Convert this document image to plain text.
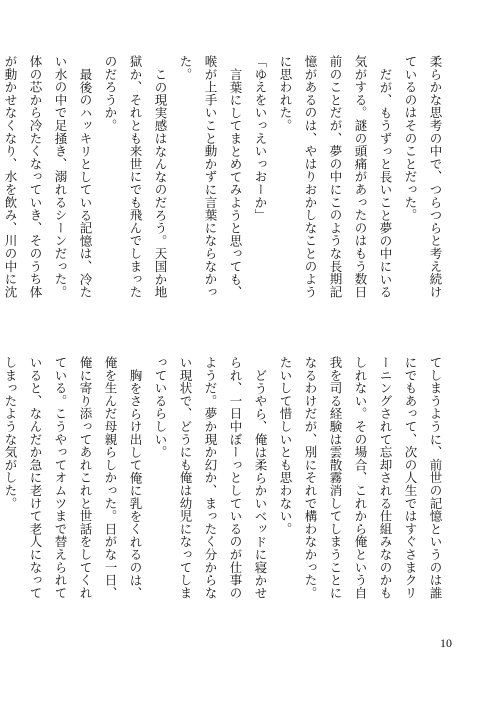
柔らかな思考の中で、つらつらと考え続けているのはそのことだった。

だが、もうずっと長いこと夢の中にいる気がする。謎の頭痛があったのはもう数日前のことだが、夢の中にこのような長期記憶があるのは、やはりおかしなことのように思われた。

「ゆえをいっえいっおーか」

言葉にしてまとめてみようと思っても、喉が上手いこと動かずに言葉にならなかった。

この現実感はなんなのだろう。天国か地獄か、それとも来世にでも飛んでしまったのだろうか。

最後のハッキリとしている記憶は、冷たい水の中で足掻き、溺れるシーンだった。体の芯から冷たくなっていき、そのうち体が動かせなくなり、水を飲み、川の中に沈

てしまうように、前世の記憶というのは誰にでもあって、次の人生ではすぐさまクリーニングされて忘却される仕組みなのかもしれない。その場合、これから俺という自我を司る経験は雲散霧消してしまうことになるわけだが、別にそれで構わなかった。たいして惜しいとも思わない。

どうやら、俺は柔らかいベッドに寝かせられ、一日中ぼーっとしているのが仕事のようだ。夢か現か幻か、まったく分からない現状で、どうにも俺は幼児になってしまっているらしい。

胸をさらけ出して俺に乳をくれるのは、俺を生んだ母親らしかった。日がな一日、俺に寄り添ってあれこれと世話をしてくれている。こうやってオムツまで替えられていると、なんだか急に老けて老人になってしまったような気がした。

10
